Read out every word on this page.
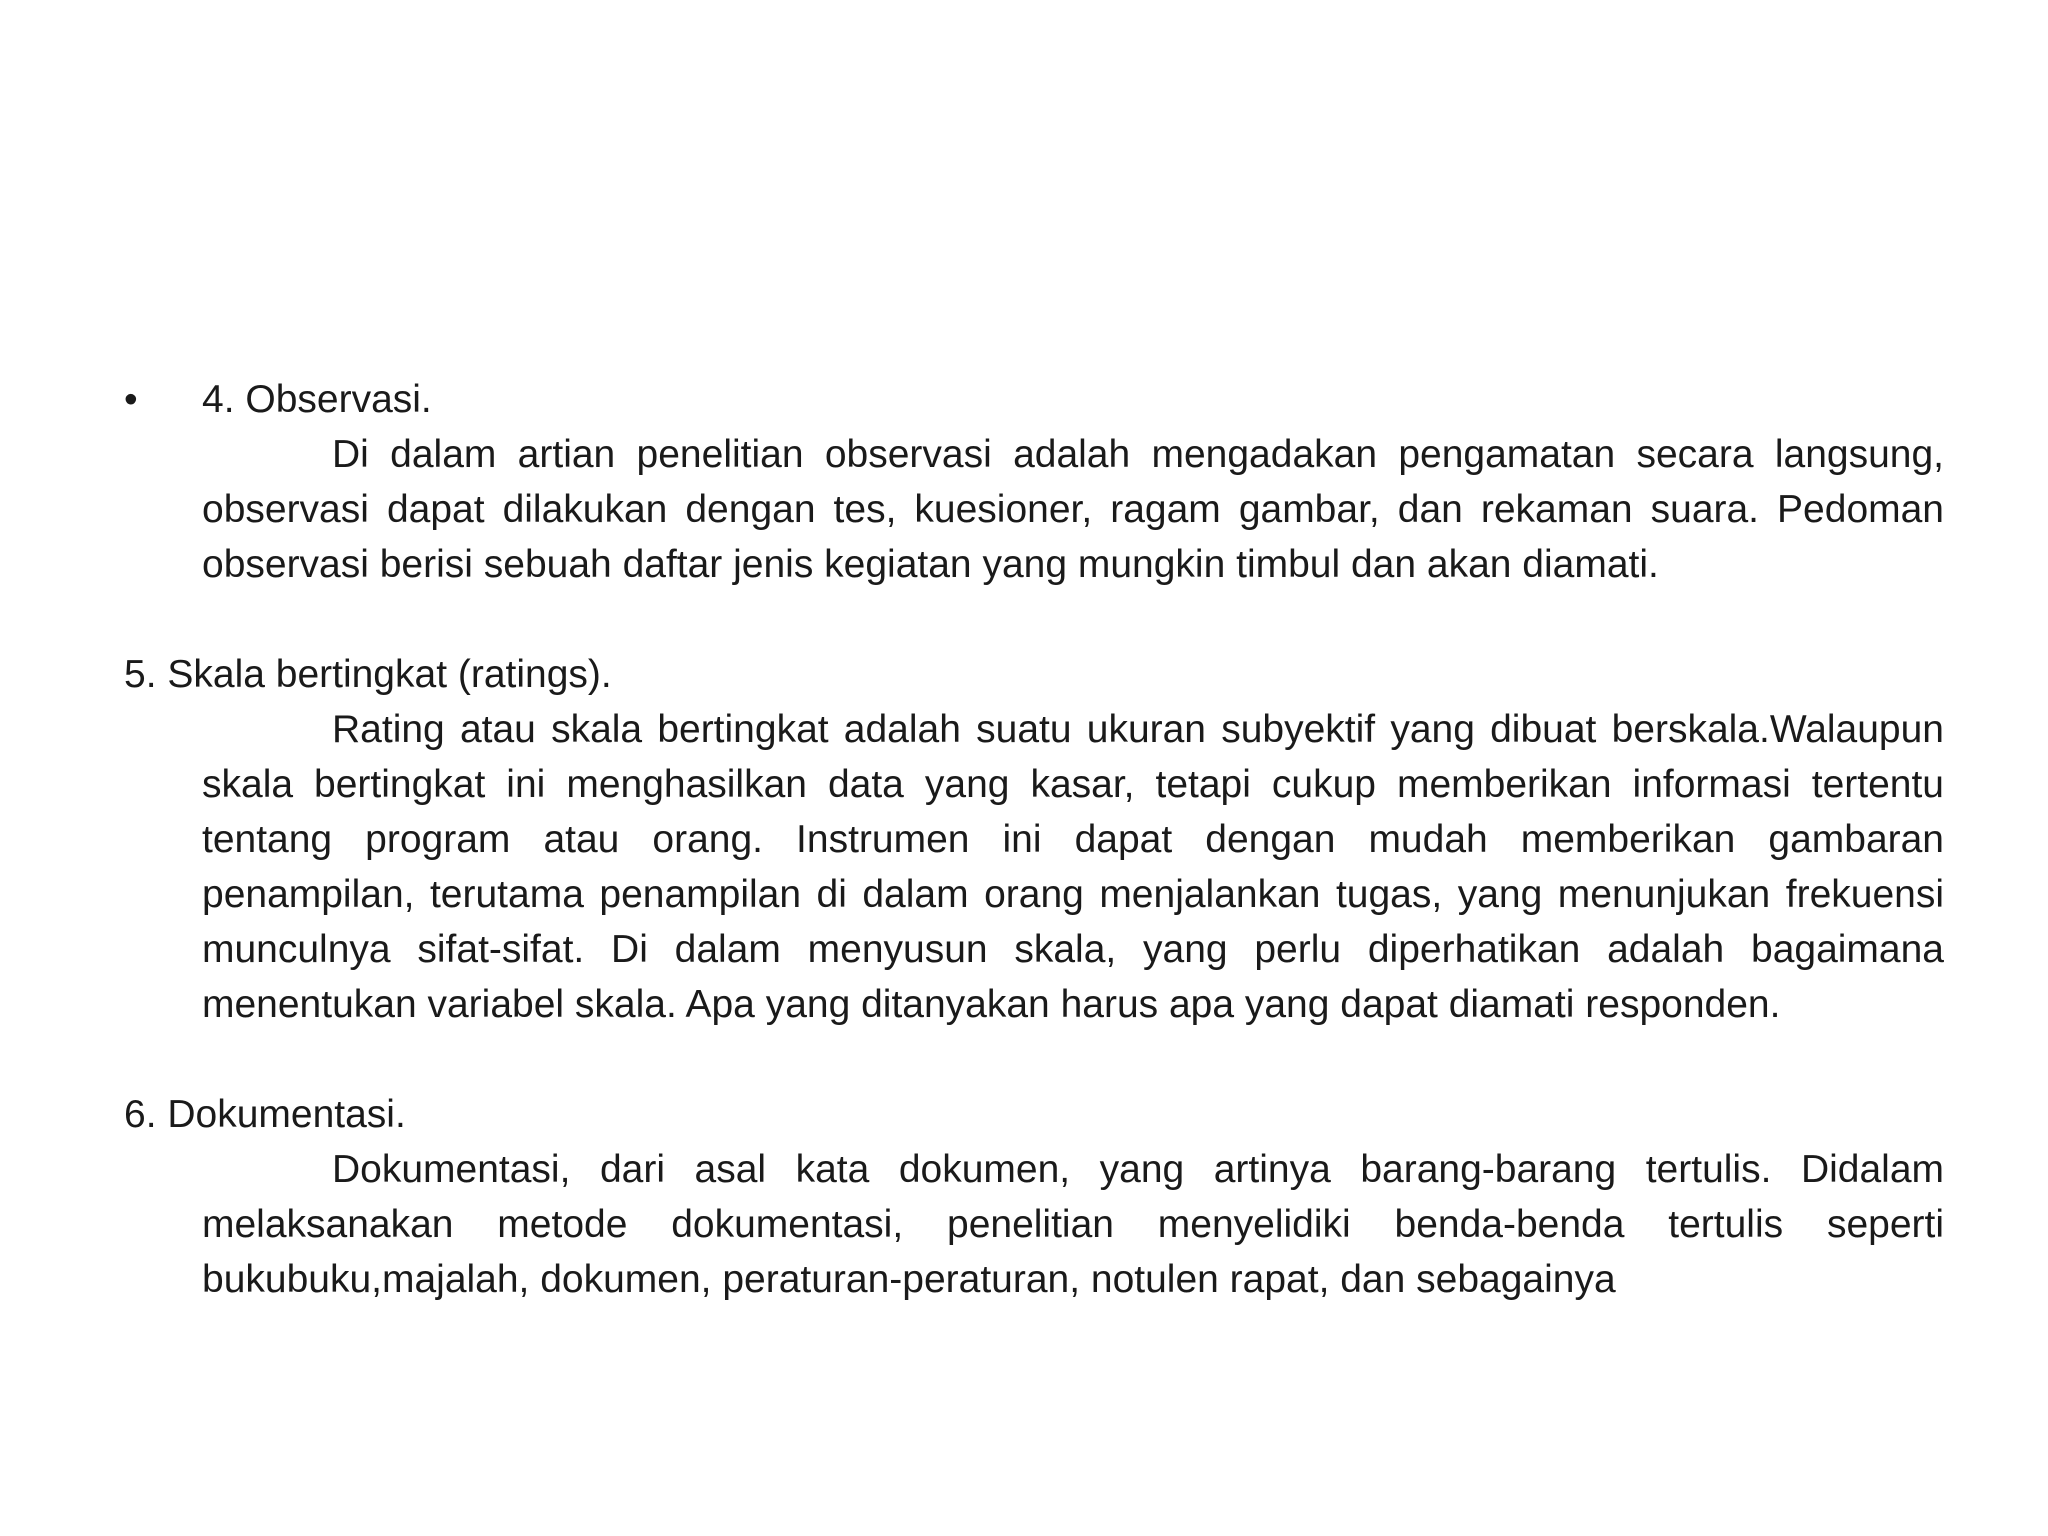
• 4. Observasi.

Di dalam artian penelitian observasi adalah mengadakan pengamatan secara langsung, observasi dapat dilakukan dengan tes, kuesioner, ragam gambar, dan rekaman suara. Pedoman observasi berisi sebuah daftar jenis kegiatan yang mungkin timbul dan akan diamati.

5. Skala bertingkat (ratings).

Rating atau skala bertingkat adalah suatu ukuran subyektif yang dibuat berskala.Walaupun skala bertingkat ini menghasilkan data yang kasar, tetapi cukup memberikan informasi tertentu tentang program atau orang. Instrumen ini dapat dengan mudah memberikan gambaran penampilan, terutama penampilan di dalam orang menjalankan tugas, yang menunjukan frekuensi munculnya sifat-sifat. Di dalam menyusun skala, yang perlu diperhatikan adalah bagaimana menentukan variabel skala. Apa yang ditanyakan harus apa yang dapat diamati responden.

6. Dokumentasi.

Dokumentasi, dari asal kata dokumen, yang artinya barang-barang tertulis. Didalam melaksanakan metode dokumentasi, penelitian menyelidiki benda-benda tertulis seperti bukubuku,majalah, dokumen, peraturan-peraturan, notulen rapat, dan sebagainya
